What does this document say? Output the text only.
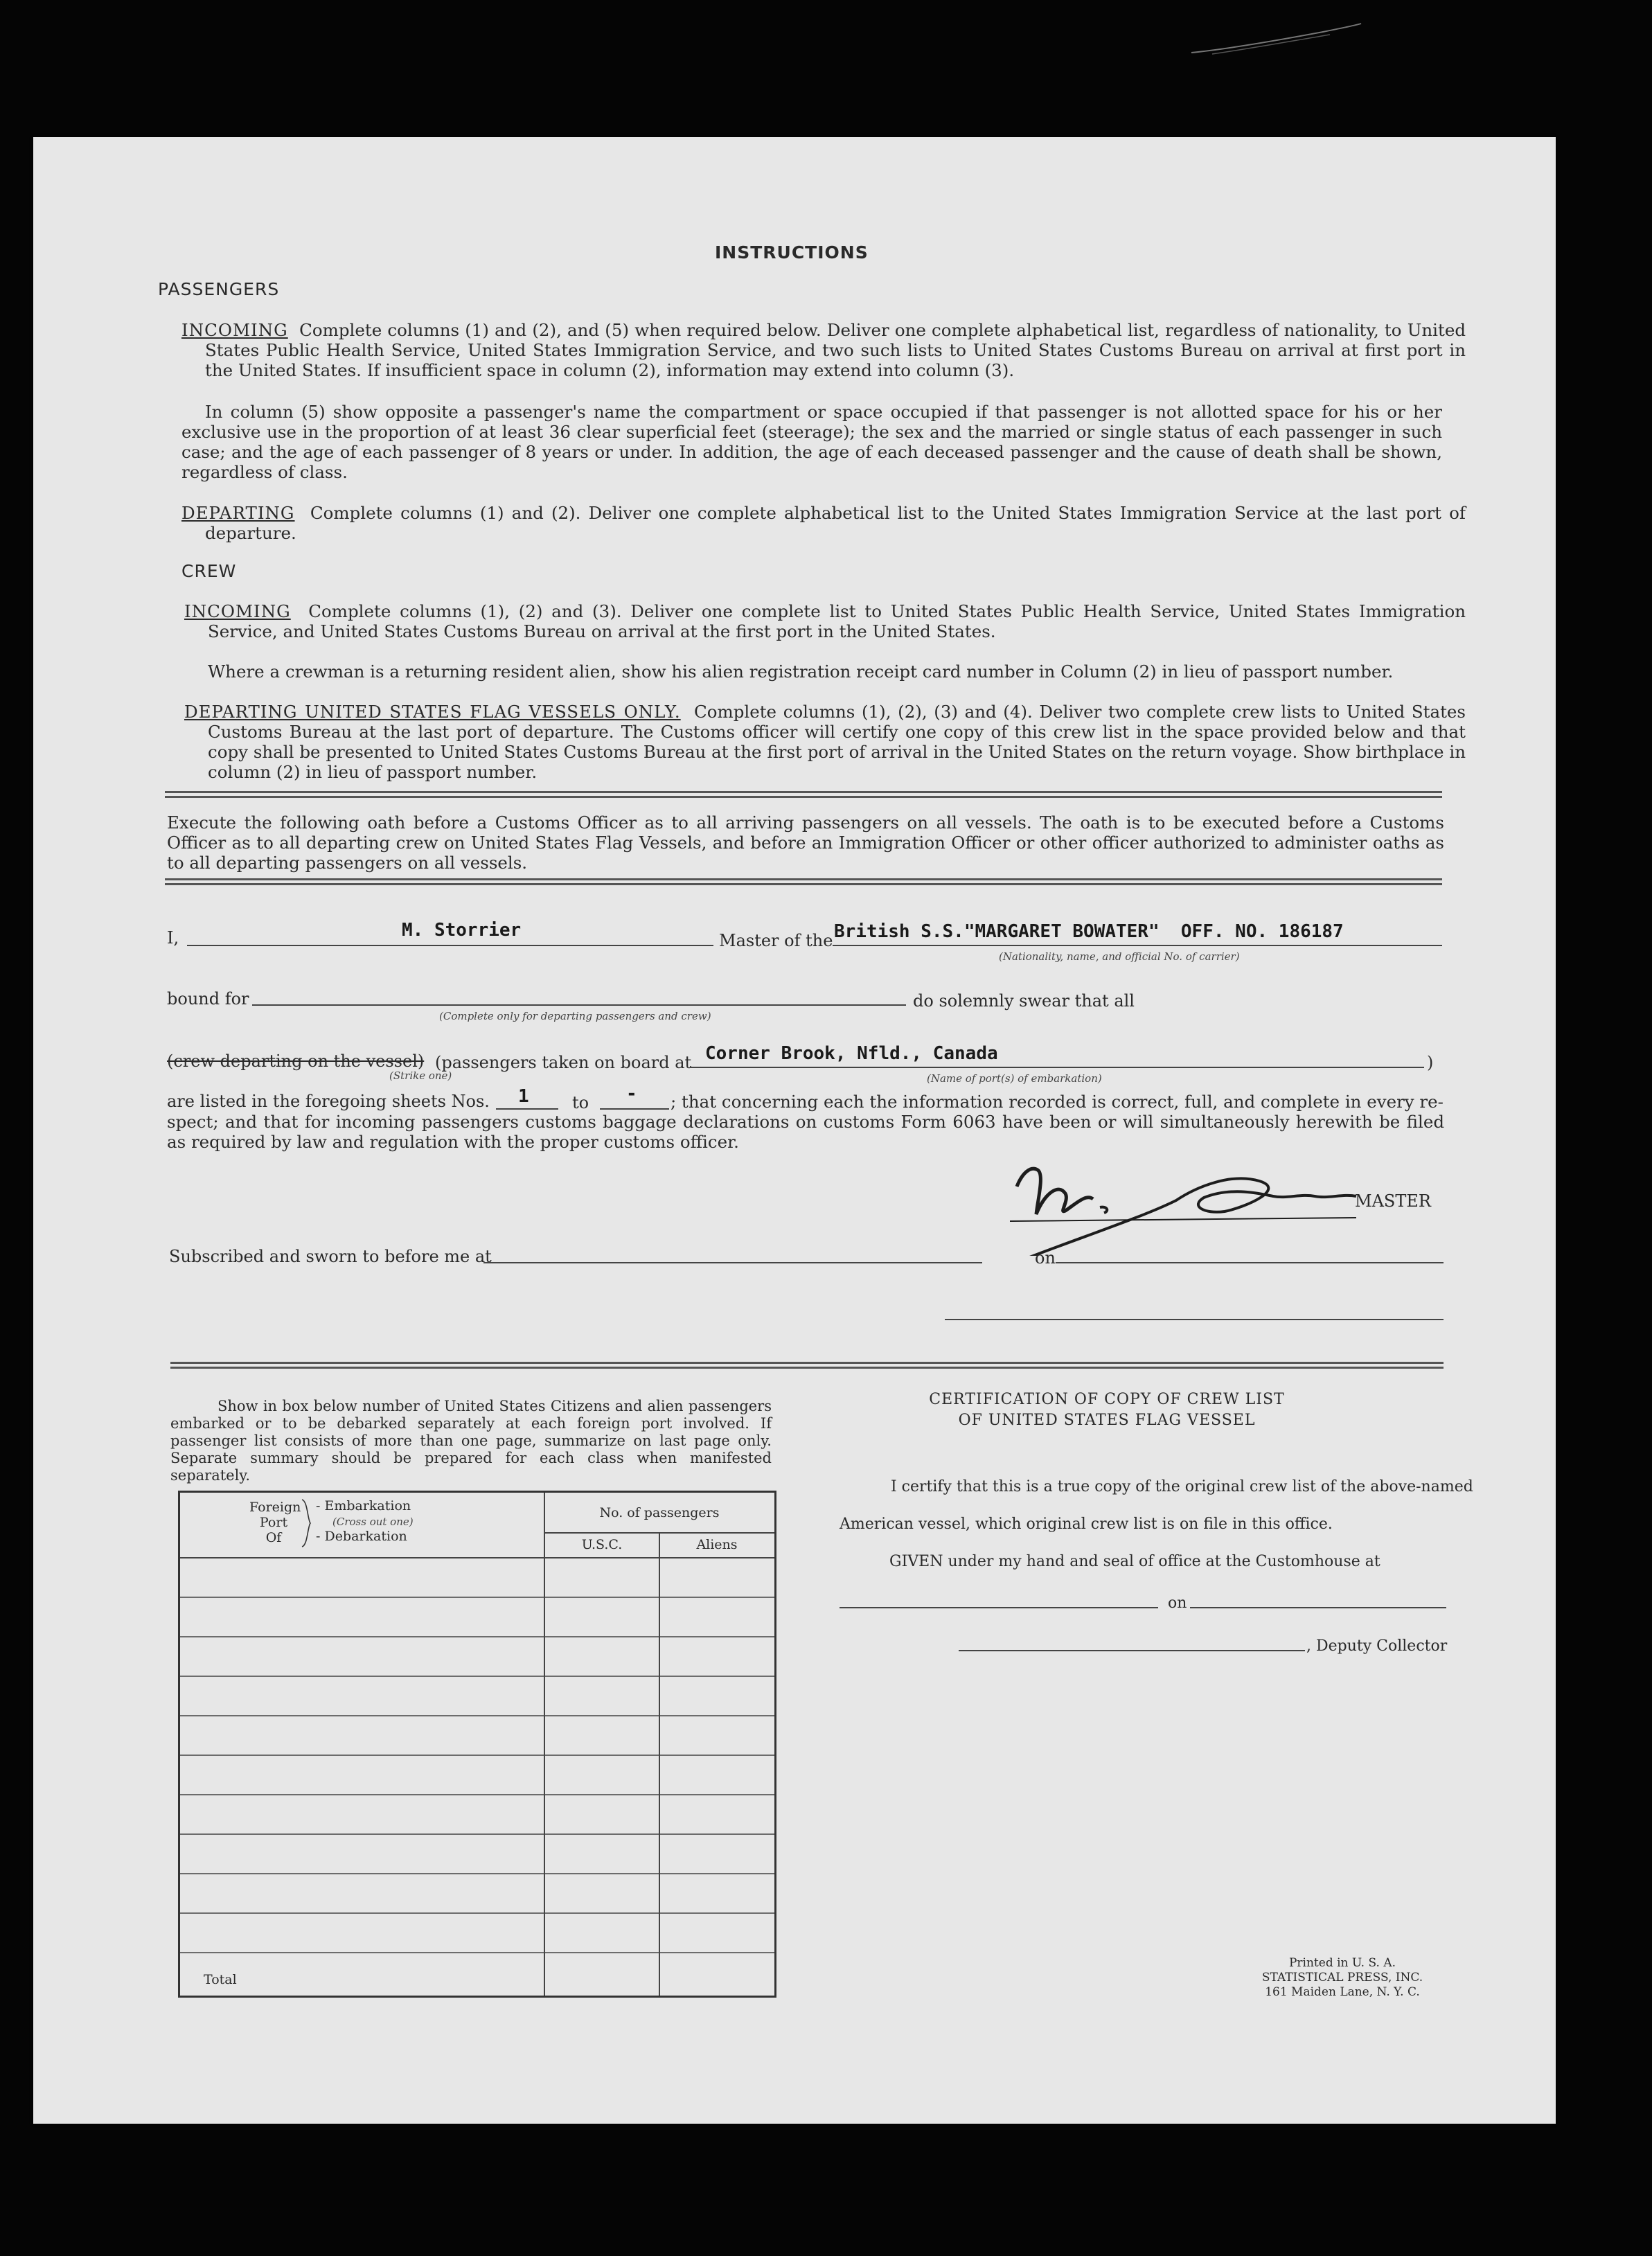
INSTRUCTIONS
PASSENGERS
INCOMING Complete columns (1) and (2), and (5) when required below. Deliver one complete alphabetical list, regardless of nationality, to United States Public Health Service, United States Immigration Service, and two such lists to United States Customs Bureau on arrival at first port in the United States. If insufficient space in column (2), information may extend into column (3).
In column (5) show opposite a passenger's name the compartment or space occupied if that passenger is not allotted space for his or her exclusive use in the proportion of at least 36 clear superficial feet (steerage); the sex and the married or single status of each passenger in such case; and the age of each passenger of 8 years or under. In addition, the age of each deceased passenger and the cause of death shall be shown, regardless of class.
DEPARTING Complete columns (1) and (2). Deliver one complete alphabetical list to the United States Immigration Service at the last port of departure.
CREW
INCOMING Complete columns (1), (2) and (3). Deliver one complete list to United States Public Health Service, United States Immigration Service, and United States Customs Bureau on arrival at the first port in the United States.
Where a crewman is a returning resident alien, show his alien registration receipt card number in Column (2) in lieu of passport number.
DEPARTING UNITED STATES FLAG VESSELS ONLY. Complete columns (1), (2), (3) and (4). Deliver two complete crew lists to United States Customs Bureau at the last port of departure. The Customs officer will certify one copy of this crew list in the space provided below and that copy shall be presented to United States Customs Bureau at the first port of arrival in the United States on the return voyage. Show birthplace in column (2) in lieu of passport number.
Execute the following oath before a Customs Officer as to all arriving passengers on all vessels. The oath is to be executed before a Customs Officer as to all departing crew on United States Flag Vessels, and before an Immigration Officer or other officer authorized to administer oaths as to all departing passengers on all vessels.
I,	M. Storrier	Master of the British S.S."MARGARET BOWATER"  OFF. NO. 186187
(Nationality, name, and official No. of carrier)
bound for
(Complete only for departing passengers and crew)
do solemnly swear that all
(crew departing on the vessel)
(Strike one)
(passengers taken on board at Corner Brook, Nfld., Canada
(Name of port(s) of embarkation)
)
are listed in the foregoing sheets Nos. 1	to - ; that concerning each the information recorded is correct, full, and complete in every re-
spect; and that for incoming passengers customs baggage declarations on customs Form 6063 have been or will simultaneously herewith be filed as required by law and regulation with the proper customs officer.
MASTER
Subscribed and sworn to before me at	on
Show in box below number of United States Citizens and alien passengers embarked or to be debarked separately at each foreign port involved. If passenger list consists of more than one page, summarize on last page only. Separate summary should be prepared for each class when manifested separately.
Foreign
Port
Of
- Embarkation
(Cross out one)
- Debarkation
No. of passengers
U.S.C.	Aliens
Total
CERTIFICATION OF COPY OF CREW LIST
OF UNITED STATES FLAG VESSEL
I certify that this is a true copy of the original crew list of the above-named
American vessel, which original crew list is on file in this office.
GIVEN under my hand and seal of office at the Customhouse at
on
, Deputy Collector
Printed in U. S. A.
STATISTICAL PRESS, INC.
161 Maiden Lane, N. Y. C.
